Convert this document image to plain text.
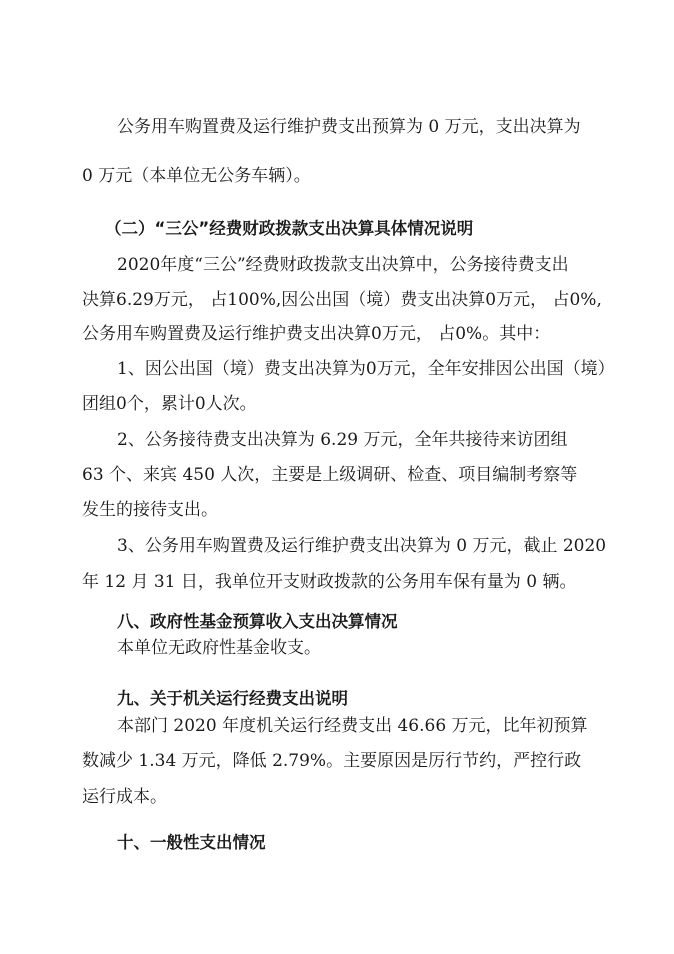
公务用车购置费及运行维护费支出预算为 0 万元，支出决算为
0 万元（本单位无公务车辆）。
（二）“三公”经费财政拨款支出决算具体情况说明
2020年度“三公”经费财政拨款支出决算中，公务接待费支出
决算6.29万元， 占100%,因公出国（境）费支出决算0万元， 占0%,
公务用车购置费及运行维护费支出决算0万元， 占0%。其中：
1、因公出国（境）费支出决算为0万元，全年安排因公出国（境）
团组0个，累计0人次。
2、公务接待费支出决算为 6.29 万元，全年共接待来访团组
63 个、来宾 450 人次，主要是上级调研、检查、项目编制考察等
发生的接待支出。
3、公务用车购置费及运行维护费支出决算为 0 万元，截止 2020
年 12 月 31 日，我单位开支财政拨款的公务用车保有量为 0 辆。
八、政府性基金预算收入支出决算情况
本单位无政府性基金收支。
九、关于机关运行经费支出说明
本部门 2020 年度机关运行经费支出 46.66 万元，比年初预算
数减少 1.34 万元，降低 2.79%。主要原因是厉行节约，严控行政
运行成本。
十、一般性支出情况
